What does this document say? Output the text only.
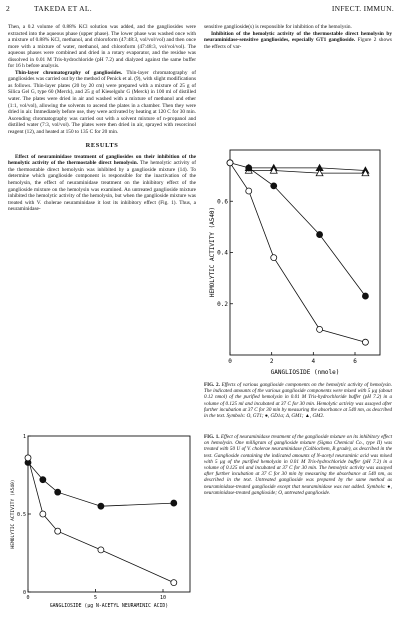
2	TAKEDA ET AL.	INFECT. IMMUN.

Then, a 0.2 volume of 0.88% KCl solution was added, and the gangliosides were extracted into the aqueous phase (upper phase). The lower phase was washed once with a mixture of 0.88% KCl, methanol, and chloroform (47:48:3, vol/vol/vol) and then once more with a mixture of water, methanol, and chloroform (47:48:3, vol/vol/vol). The aqueous phases were combined and dried in a rotary evaporator, and the residue was dissolved in 0.01 M Tris-hydrochloride (pH 7.2) and dialyzed against the same buffer for 16 h before analysis.

Thin-layer chromatography of gangliosides. Thin-layer chromatography of gangliosides was carried out by the method of Penick et al. (9), with slight modifications as follows. Thin-layer plates (20 by 20 cm) were prepared with a mixture of 25 g of Silica Gel G, type 60 (Merck), and 25 g of Kieselguhr G (Merck) in 100 ml of distilled water. The plates were dried in air and washed with a mixture of methanol and ether (1:1, vol/vol), allowing the solvents to ascend the plates in a chamber. Then they were dried in air. Immediately before use, they were activated by heating at 120 C for 30 min. Ascending chromatography was carried out with a solvent mixture of n-propanol and distilled water (7:3, vol/vol). The plates were then dried in air, sprayed with resorcinol reagent (12), and heated at 150 to 135 C for 20 min.

RESULTS

Effect of neuraminidase treatment of gangliosides on their inhibition of the hemolytic activity of the thermostable direct hemolysin. The hemolytic activity of the thermostable direct hemolysin was inhibited by a ganglioside mixture (14). To determine which ganglioside component is responsible for the inactivation of the hemolysin, the effect of neuraminidase treatment on the inhibitory effect of the ganglioside mixture on the hemolysin was examined. An untreated ganglioside mixture inhibited the hemolytic activity of the hemolysin, but when the ganglioside mixture was treated with V. cholerae neuraminidase it lost its inhibitory effect (Fig. 1). Thus, a neuraminidase-

sensitive ganglioside(s) is responsible for inhibition of the hemolysin.

Inhibition of the hemolytic activity of the thermostable direct hemolysin by neuraminidase-sensitive gangliosides, especially GT1 ganglioside. Figure 2 shows the effects of var-

0.2
0.4
0.6
0	2	4	6
HEMOLYTIC ACTIVITY (A540)
GANGLIOSIDE (nmole)
FIG. 2. Effects of various ganglioside components on the hemolytic activity of hemolysin. The indicated amounts of the various ganglioside components were mixed with 5 µg (about 0.12 nmol) of the purified hemolysin in 0.01 M Tris-hydrochloride buffer (pH 7.2) in a volume of 0.125 ml and incubated at 37 C for 30 min. Hemolytic activity was assayed after further incubation at 37 C for 30 min by measuring the absorbance at 540 nm, as described in the text. Symbols: O, GT1; ●, GD1a; Δ, GM1; ▲, GM2.
0
0.5
1
0	5	10
HEMOLYTIC ACTIVITY (A540)
GANGLIOSIDE (µg N-ACETYL NEURAMINIC ACID)
FIG. 1. Effect of neuraminidase treatment of the ganglioside mixture on its inhibitory effect on hemolysin. One milligram of ganglioside mixture (Sigma Chemical Co., type II) was treated with 50 U of V. cholerae neuraminidase (Calbiochem, B grade), as described in the text. Ganglioside containing the indicated amounts of N-acetyl neuraminic acid was mixed with 5 µg of the purified hemolysin in 0.01 M Tris-hydrochloride buffer (pH 7.2) in a volume of 0.125 ml and incubated at 37 C for 30 min. The hemolytic activity was assayed after further incubation at 37 C for 30 min by measuring the absorbance at 540 nm, as described in the text. Untreated ganglioside was prepared by the same method as neuraminidase-treated ganglioside except that neuraminidase was not added. Symbols: ●, neuraminidase-treated ganglioside; O, untreated ganglioside.
